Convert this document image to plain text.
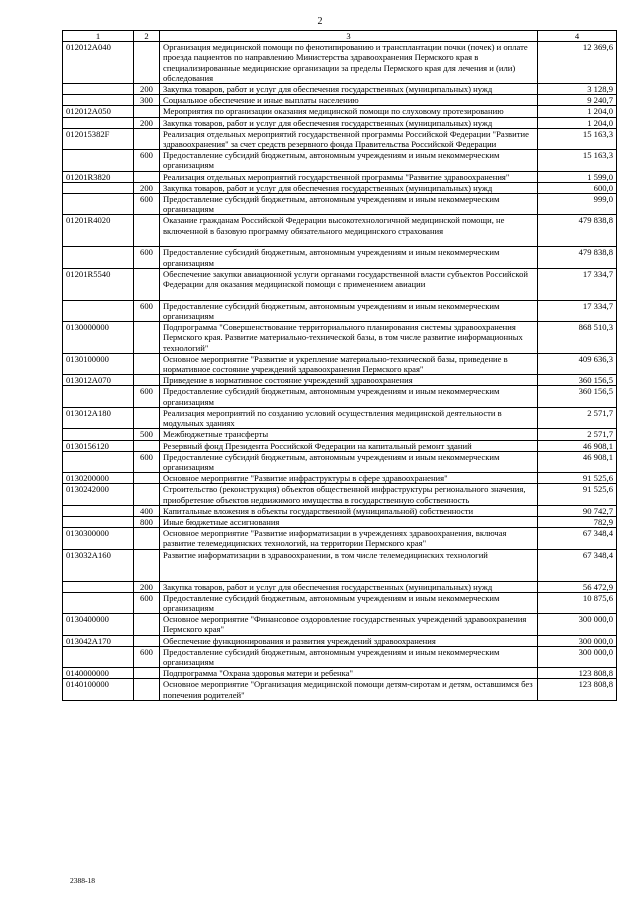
2
1	2	3	4
012012А040		Организация медицинской помощи по фенотипированию и трансплантации почки (почек) и оплате проезда пациентов по направлению Министерства здравоохранения Пермского края в специализированные медицинские организации за пределы Пермского края для лечения и (или) обследования	12 369,6
	200	Закупка товаров, работ и услуг для обеспечения государственных (муниципальных) нужд	3 128,9
	300	Социальное обеспечение и иные выплаты населению	9 240,7
012012А050		Мероприятия по организации оказания медицинской помощи по слуховому протезированию	1 204,0
	200	Закупка товаров, работ и услуг для обеспечения государственных (муниципальных) нужд	1 204,0
012015382F		Реализация отдельных мероприятий государственной программы Российской Федерации "Развитие здравоохранения" за счет средств резервного фонда Правительства Российской Федерации	15 163,3
	600	Предоставление субсидий бюджетным, автономным учреждениям и иным некоммерческим организациям	15 163,3
01201R3820		Реализация отдельных мероприятий государственной программы "Развитие здравоохранения"	1 599,0
	200	Закупка товаров, работ и услуг для обеспечения государственных (муниципальных) нужд	600,0
	600	Предоставление субсидий бюджетным, автономным учреждениям и иным некоммерческим организациям	999,0
01201R4020		Оказание гражданам Российской Федерации высокотехнологичной медицинской помощи, не включенной в базовую программу обязательного медицинского страхования	479 838,8
	600	Предоставление субсидий бюджетным, автономным учреждениям и иным некоммерческим организациям	479 838,8
01201R5540		Обеспечение закупки авиационной услуги органами государственной власти субъектов Российской Федерации для оказания медицинской помощи с применением авиации	17 334,7
	600	Предоставление субсидий бюджетным, автономным учреждениям и иным некоммерческим организациям	17 334,7
0130000000		Подпрограмма "Совершенствование территориального планирования системы здравоохранения Пермского края. Развитие материально-технической базы, в том числе развитие информационных технологий"	868 510,3
0130100000		Основное мероприятие "Развитие и укрепление материально-технической базы, приведение в нормативное состояние учреждений здравоохранения Пермского края"	409 636,3
013012А070		Приведение в нормативное состояние учреждений здравоохранения	360 156,5
	600	Предоставление субсидий бюджетным, автономным учреждениям и иным некоммерческим организациям	360 156,5
013012А180		Реализация мероприятий по созданию условий осуществления медицинской деятельности в модульных зданиях	2 571,7
	500	Межбюджетные трансферты	2 571,7
0130156120		Резервный фонд Президента Российской Федерации на капитальный ремонт зданий	46 908,1
	600	Предоставление субсидий бюджетным, автономным учреждениям и иным некоммерческим организациям	46 908,1
0130200000		Основное мероприятие "Развитие инфраструктуры в сфере здравоохранения"	91 525,6
0130242000		Строительство (реконструкция) объектов общественной инфраструктуры регионального значения, приобретение объектов недвижимого имущества в государственную собственность	91 525,6
	400	Капитальные вложения в объекты государственной (муниципальной) собственности	90 742,7
	800	Иные бюджетные ассигнования	782,9
0130300000		Основное мероприятие "Развитие информатизации в учреждениях здравоохранения, включая развитие телемедицинских технологий, на территории Пермского края"	67 348,4
013032А160		Развитие информатизации в здравоохранении, в том числе телемедицинских технологий	67 348,4
	200	Закупка товаров, работ и услуг для обеспечения государственных (муниципальных) нужд	56 472,9
	600	Предоставление субсидий бюджетным, автономным учреждениям и иным некоммерческим организациям	10 875,6
0130400000		Основное мероприятие "Финансовое оздоровление государственных учреждений здравоохранения Пермского края"	300 000,0
013042А170		Обеспечение функционирования и развития учреждений здравоохранения	300 000,0
	600	Предоставление субсидий бюджетным, автономным учреждениям и иным некоммерческим организациям	300 000,0
0140000000		Подпрограмма "Охрана здоровья матери и ребенка"	123 808,8
0140100000		Основное мероприятие "Организация медицинской помощи детям-сиротам и детям, оставшимся без попечения родителей"	123 808,8
2388-18
